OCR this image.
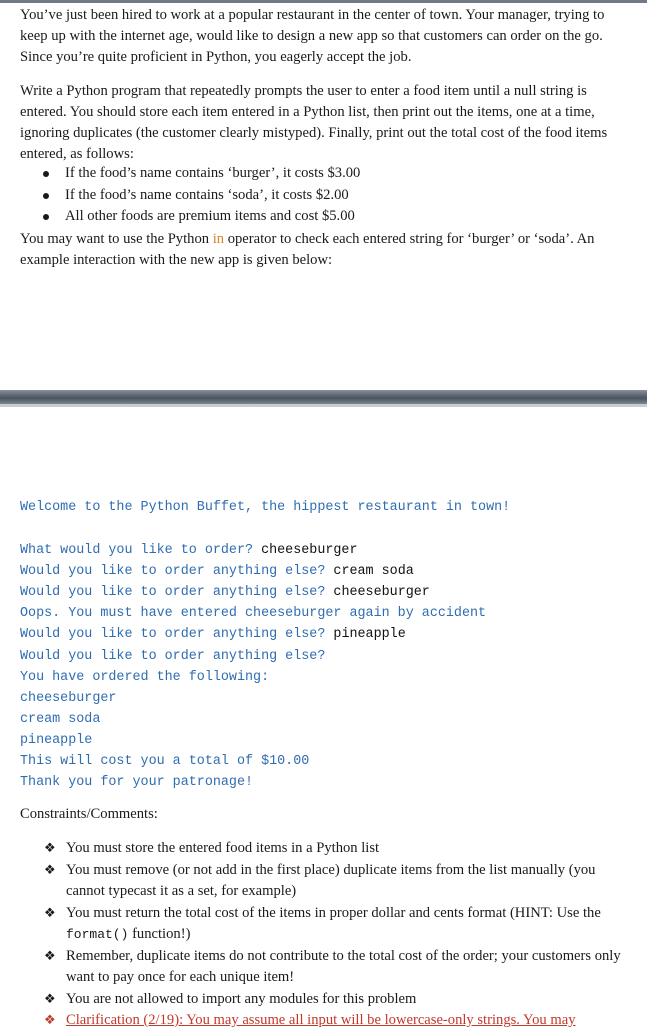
You’ve just been hired to work at a popular restaurant in the center of town. Your manager, trying to keep up with the internet age, would like to design a new app so that customers can order on the go. Since you’re quite proficient in Python, you eagerly accept the job.

Write a Python program that repeatedly prompts the user to enter a food item until a null string is entered. You should store each item entered in a Python list, then print out the items, one at a time, ignoring duplicates (the customer clearly mistyped). Finally, print out the total cost of the food items entered, as follows:

If the food’s name contains ‘burger’, it costs $3.00
If the food’s name contains ‘soda’, it costs $2.00
All other foods are premium items and cost $5.00

You may want to use the Python in operator to check each entered string for ‘burger’ or ‘soda’. An example interaction with the new app is given below:

Welcome to the Python Buffet, the hippest restaurant in town!
What would you like to order? cheeseburger
Would you like to order anything else? cream soda
Would you like to order anything else? cheeseburger
Oops. You must have entered cheeseburger again by accident
Would you like to order anything else? pineapple
Would you like to order anything else?
You have ordered the following:
cheeseburger
cream soda
pineapple
This will cost you a total of $10.00
Thank you for your patronage!
Constraints/Comments:
❖ You must store the entered food items in a Python list
❖ You must remove (or not add in the first place) duplicate items from the list manually (you cannot typecast it as a set, for example)
❖ You must return the total cost of the items in proper dollar and cents format (HINT: Use the format() function!)
❖ Remember, duplicate items do not contribute to the total cost of the order; your customers only want to pay once for each unique item!
❖ You are not allowed to import any modules for this problem
❖ Clarification (2/19): You may assume all input will be lowercase-only strings. You may
